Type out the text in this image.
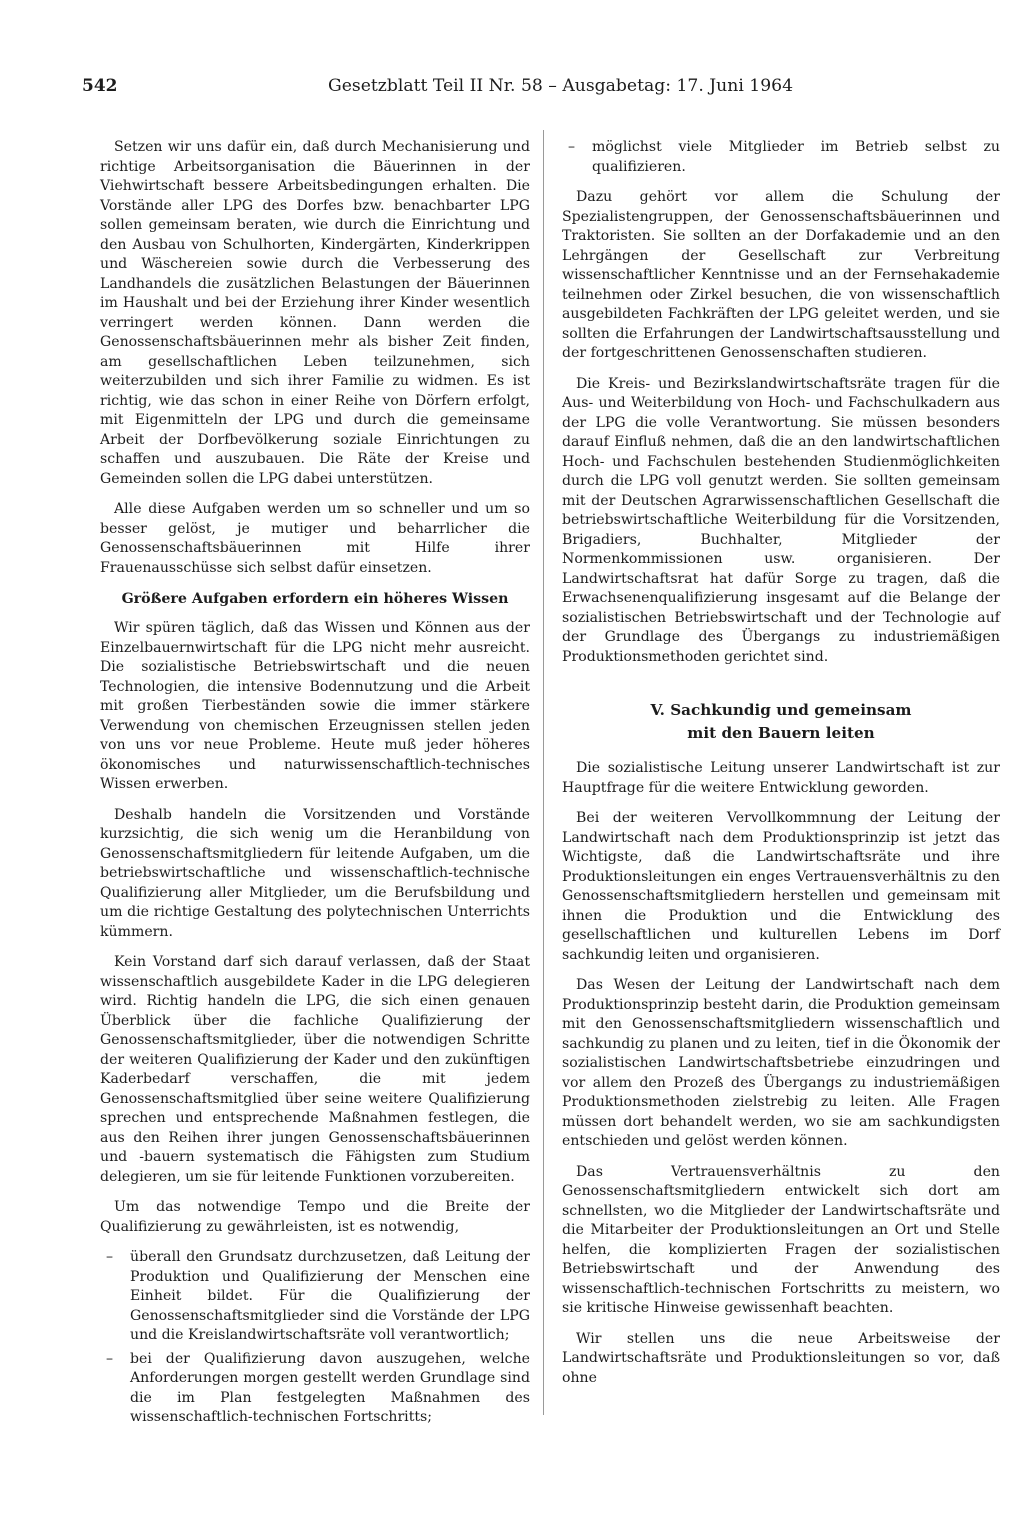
542	Gesetzblatt Teil II Nr. 58 – Ausgabetag: 17. Juni 1964

Setzen wir uns dafür ein, daß durch Mechanisierung und richtige Arbeitsorganisation die Bäuerinnen in der Viehwirtschaft bessere Arbeitsbedingungen erhalten. Die Vorstände aller LPG des Dorfes bzw. benachbarter LPG sollen gemeinsam beraten, wie durch die Einrichtung und den Ausbau von Schulhorten, Kindergärten, Kinderkrippen und Wäschereien sowie durch die Verbesserung des Landhandels die zusätzlichen Belastungen der Bäuerinnen im Haushalt und bei der Erziehung ihrer Kinder wesentlich verringert werden können. Dann werden die Genossenschaftsbäuerinnen mehr als bisher Zeit finden, am gesellschaftlichen Leben teilzunehmen, sich weiterzubilden und sich ihrer Familie zu widmen. Es ist richtig, wie das schon in einer Reihe von Dörfern erfolgt, mit Eigenmitteln der LPG und durch die gemeinsame Arbeit der Dorfbevölkerung soziale Einrichtungen zu schaffen und auszubauen. Die Räte der Kreise und Gemeinden sollen die LPG dabei unterstützen.

Alle diese Aufgaben werden um so schneller und um so besser gelöst, je mutiger und beharrlicher die Genossenschaftsbäuerinnen mit Hilfe ihrer Frauenausschüsse sich selbst dafür einsetzen.

Größere Aufgaben erfordern ein höheres Wissen

Wir spüren täglich, daß das Wissen und Können aus der Einzelbauernwirtschaft für die LPG nicht mehr ausreicht. Die sozialistische Betriebswirtschaft und die neuen Technologien, die intensive Bodennutzung und die Arbeit mit großen Tierbeständen sowie die immer stärkere Verwendung von chemischen Erzeugnissen stellen jeden von uns vor neue Probleme. Heute muß jeder höheres ökonomisches und naturwissenschaftlich-technisches Wissen erwerben.

Deshalb handeln die Vorsitzenden und Vorstände kurzsichtig, die sich wenig um die Heranbildung von Genossenschaftsmitgliedern für leitende Aufgaben, um die betriebswirtschaftliche und wissenschaftlich-technische Qualifizierung aller Mitglieder, um die Berufsbildung und um die richtige Gestaltung des polytechnischen Unterrichts kümmern.

Kein Vorstand darf sich darauf verlassen, daß der Staat wissenschaftlich ausgebildete Kader in die LPG delegieren wird. Richtig handeln die LPG, die sich einen genauen Überblick über die fachliche Qualifizierung der Genossenschaftsmitglieder, über die notwendigen Schritte der weiteren Qualifizierung der Kader und den zukünftigen Kaderbedarf verschaffen, die mit jedem Genossenschaftsmitglied über seine weitere Qualifizierung sprechen und entsprechende Maßnahmen festlegen, die aus den Reihen ihrer jungen Genossenschaftsbäuerinnen und -bauern systematisch die Fähigsten zum Studium delegieren, um sie für leitende Funktionen vorzubereiten.

Um das notwendige Tempo und die Breite der Qualifizierung zu gewährleisten, ist es notwendig,

– überall den Grundsatz durchzusetzen, daß Leitung der Produktion und Qualifizierung der Menschen eine Einheit bildet. Für die Qualifizierung der Genossenschaftsmitglieder sind die Vorstände der LPG und die Kreislandwirtschaftsräte voll verantwortlich;
– bei der Qualifizierung davon auszugehen, welche Anforderungen morgen gestellt werden Grundlage sind die im Plan festgelegten Maßnahmen des wissenschaftlich-technischen Fortschritts;
– möglichst viele Mitglieder im Betrieb selbst zu qualifizieren.

Dazu gehört vor allem die Schulung der Spezialistengruppen, der Genossenschaftsbäuerinnen und Traktoristen. Sie sollten an der Dorfakademie und an den Lehrgängen der Gesellschaft zur Verbreitung wissenschaftlicher Kenntnisse und an der Fernsehakademie teilnehmen oder Zirkel besuchen, die von wissenschaftlich ausgebildeten Fachkräften der LPG geleitet werden, und sie sollten die Erfahrungen der Landwirtschaftsausstellung und der fortgeschrittenen Genossenschaften studieren.

Die Kreis- und Bezirkslandwirtschaftsräte tragen für die Aus- und Weiterbildung von Hoch- und Fachschulkadern aus der LPG die volle Verantwortung. Sie müssen besonders darauf Einfluß nehmen, daß die an den landwirtschaftlichen Hoch- und Fachschulen bestehenden Studienmöglichkeiten durch die LPG voll genutzt werden. Sie sollten gemeinsam mit der Deutschen Agrarwissenschaftlichen Gesellschaft die betriebswirtschaftliche Weiterbildung für die Vorsitzenden, Brigadiers, Buchhalter, Mitglieder der Normenkommissionen usw. organisieren. Der Landwirtschaftsrat hat dafür Sorge zu tragen, daß die Erwachsenenqualifizierung insgesamt auf die Belange der sozialistischen Betriebswirtschaft und der Technologie auf der Grundlage des Übergangs zu industriemäßigen Produktionsmethoden gerichtet sind.

V. Sachkundig und gemeinsam
mit den Bauern leiten

Die sozialistische Leitung unserer Landwirtschaft ist zur Hauptfrage für die weitere Entwicklung geworden.

Bei der weiteren Vervollkommnung der Leitung der Landwirtschaft nach dem Produktionsprinzip ist jetzt das Wichtigste, daß die Landwirtschaftsräte und ihre Produktionsleitungen ein enges Vertrauensverhältnis zu den Genossenschaftsmitgliedern herstellen und gemeinsam mit ihnen die Produktion und die Entwicklung des gesellschaftlichen und kulturellen Lebens im Dorf sachkundig leiten und organisieren.

Das Wesen der Leitung der Landwirtschaft nach dem Produktionsprinzip besteht darin, die Produktion gemeinsam mit den Genossenschaftsmitgliedern wissenschaftlich und sachkundig zu planen und zu leiten, tief in die Ökonomik der sozialistischen Landwirtschaftsbetriebe einzudringen und vor allem den Prozeß des Übergangs zu industriemäßigen Produktionsmethoden zielstrebig zu leiten. Alle Fragen müssen dort behandelt werden, wo sie am sachkundigsten entschieden und gelöst werden können.

Das Vertrauensverhältnis zu den Genossenschaftsmitgliedern entwickelt sich dort am schnellsten, wo die Mitglieder der Landwirtschaftsräte und die Mitarbeiter der Produktionsleitungen an Ort und Stelle helfen, die komplizierten Fragen der sozialistischen Betriebswirtschaft und der Anwendung des wissenschaftlich-technischen Fortschritts zu meistern, wo sie kritische Hinweise gewissenhaft beachten.

Wir stellen uns die neue Arbeitsweise der Landwirtschaftsräte und Produktionsleitungen so vor, daß ohne
